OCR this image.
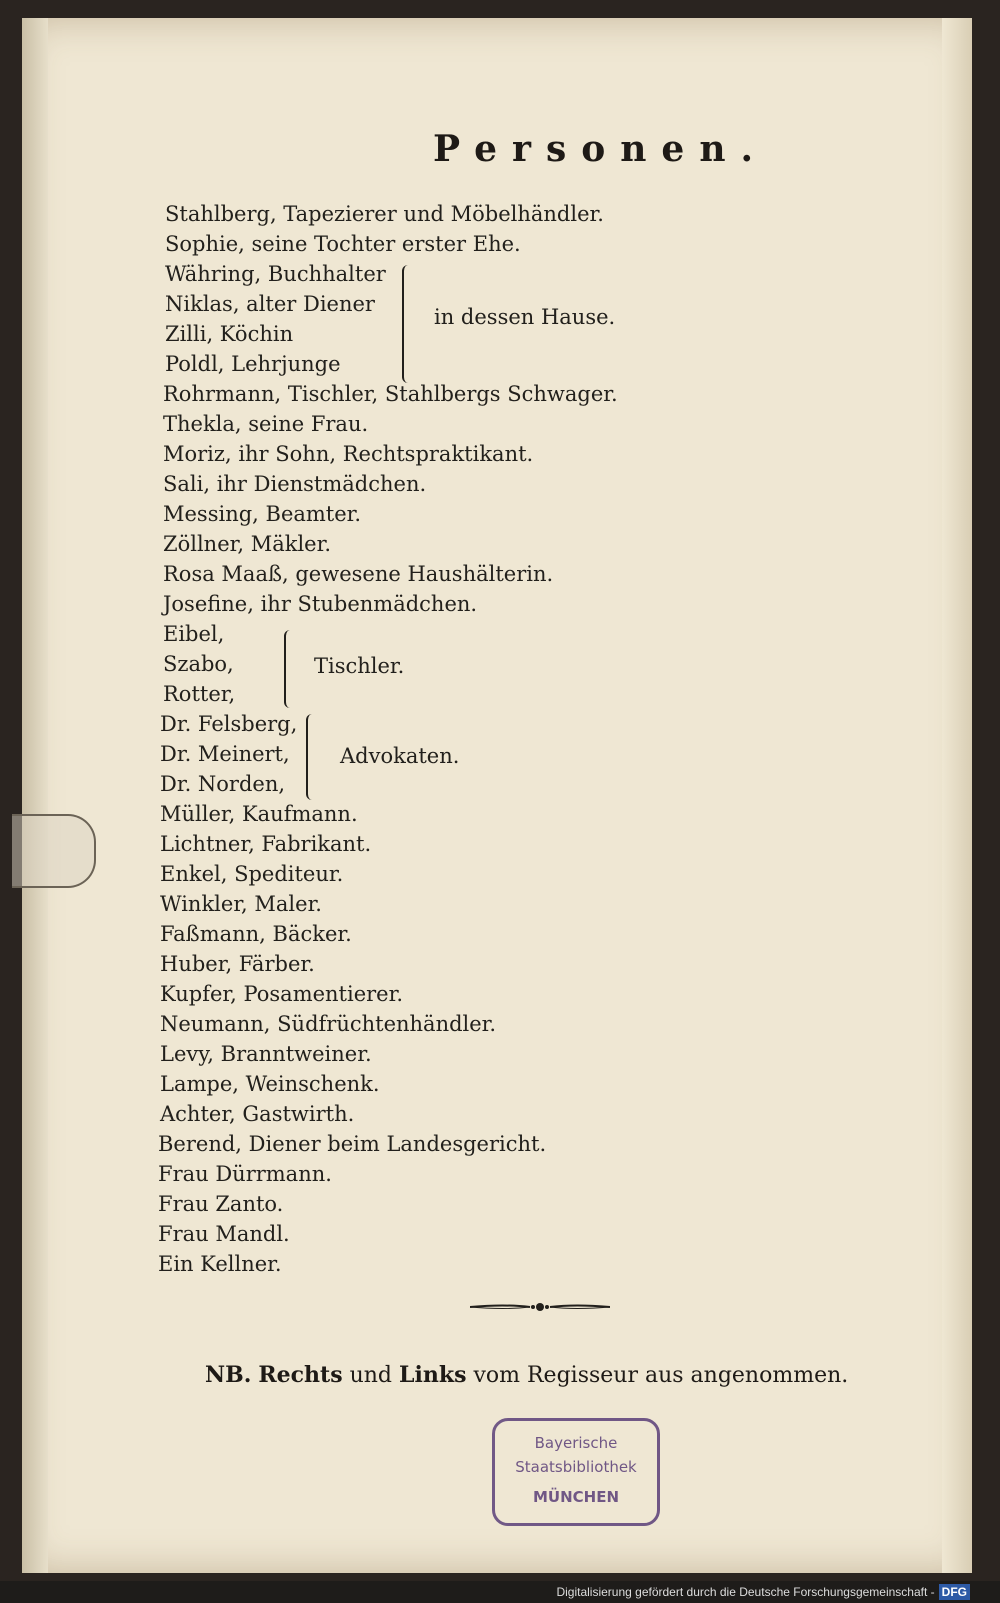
Personen.
Stahlberg, Tapezierer und Möbelhändler.
Sophie, seine Tochter erster Ehe.
Währing, Buchhalter
Niklas, alter Diener
Zilli, Köchin
Poldl, Lehrjunge
Rohrmann, Tischler, Stahlbergs Schwager.
Thekla, seine Frau.
Moriz, ihr Sohn, Rechtspraktikant.
Sali, ihr Dienstmädchen.
Messing, Beamter.
Zöllner, Mäkler.
Rosa Maaß, gewesene Haushälterin.
Josefine, ihr Stubenmädchen.
Eibel,
Szabo,
Rotter,
Dr. Felsberg,
Dr. Meinert,
Dr. Norden,
Müller, Kaufmann.
Lichtner, Fabrikant.
Enkel, Spediteur.
Winkler, Maler.
Faßmann, Bäcker.
Huber, Färber.
Kupfer, Posamentierer.
Neumann, Südfrüchtenhändler.
Levy, Branntweiner.
Lampe, Weinschenk.
Achter, Gastwirth.
Berend, Diener beim Landesgericht.
Frau Dürrmann.
Frau Zanto.
Frau Mandl.
Ein Kellner.
in dessen Hause.
Tischler.
Advokaten.
NB. Rechts und Links vom Regisseur aus angenommen.
Bayerische
Staatsbibliothek
MÜNCHEN
Digitalisierung gefördert durch die Deutsche Forschungsgemeinschaft - DFG
